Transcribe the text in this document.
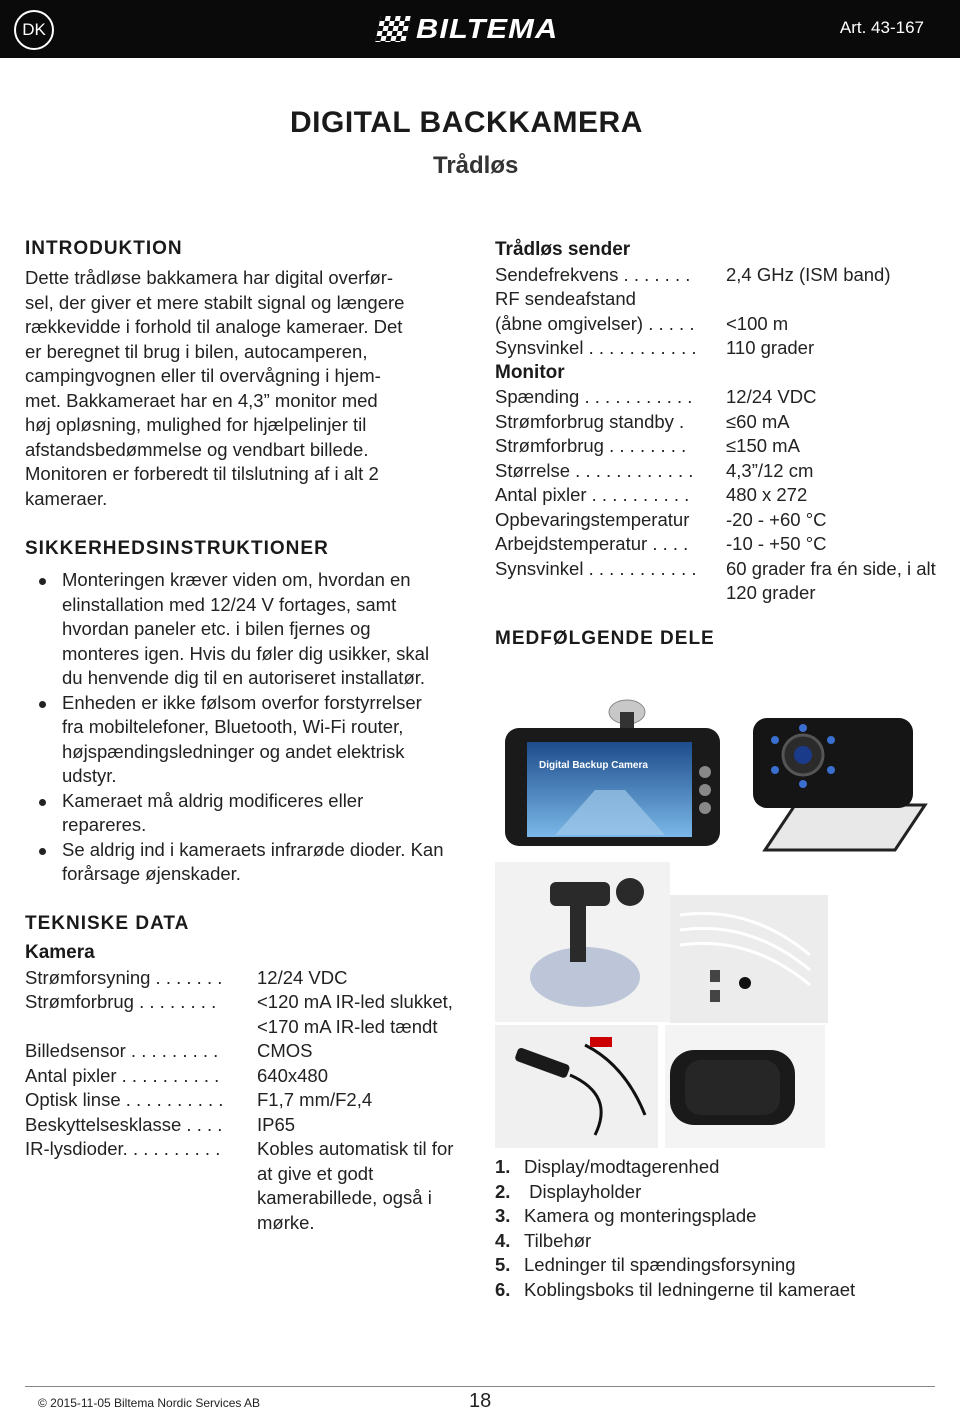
DK	BILTEMA	Art. 43-167
DIGITAL BACKKAMERA
Trådløs
INTRODUKTION

Dette trådløse bakkamera har digital overfør-
sel, der giver et mere stabilt signal og længere
rækkevidde i forhold til analoge kameraer. Det
er beregnet til brug i bilen, autocamperen,
campingvognen eller til overvågning i hjem-
met. Bakkameraet har en 4,3” monitor med
høj opløsning, mulighed for hjælpelinjer til
afstandsbedømmelse og vendbart billede.
Monitoren er forberedt til tilslutning af i alt 2
kameraer.

SIKKERHEDSINSTRUKTIONER
Monteringen kræver viden om, hvordan en elinstallation med 12/24 V fortages, samt hvordan paneler etc. i bilen fjernes og monteres igen. Hvis du føler dig usikker, skal du henvende dig til en autoriseret installatør.
Enheden er ikke følsom overfor forstyrrelser fra mobiltelefoner, Bluetooth, Wi-Fi router, højspændingsledninger og andet elektrisk udstyr.
Kameraet må aldrig modificeres eller repareres.
Se aldrig ind i kameraets infrarøde dioder. Kan forårsage øjenskader.
TEKNISKE DATA
Kamera
Strømforsyning . . . . . . .	12/24 VDC
Strømforbrug . . . . . . . .	<120 mA IR-led slukket, <170 mA IR-led tændt
Billedsensor . . . . . . . . .	CMOS
Antal pixler . . . . . . . . . .	640x480
Optisk linse . . . . . . . . . .	F1,7 mm/F2,4
Beskyttelsesklasse . . . .	IP65
IR-lysdioder. . . . . . . . . .	Kobles automatisk til for at give et godt kamerabillede, også i mørke.
Trådløs sender
Sendefrekvens . . . . . . .	2,4 GHz (ISM band)
RF sendeafstand
(åbne omgivelser) . . . . .	<100 m
Synsvinkel . . . . . . . . . . .	110 grader
Monitor
Spænding . . . . . . . . . . .	12/24 VDC
Strømforbrug standby .	≤60 mA
Strømforbrug . . . . . . . .	≤150 mA
Størrelse . . . . . . . . . . . .	4,3”/12 cm
Antal pixler . . . . . . . . . .	480 x 272
Opbevaringstemperatur	-20 - +60 °C
Arbejdstemperatur . . . .	-10 - +50 °C
Synsvinkel . . . . . . . . . . .	60 grader fra én side, i alt 120 grader
MEDFØLGENDE DELE
Digital Backup Camera
1. Display/modtagerenhed
2. Displayholder
3. Kamera og monteringsplade
4. Tilbehør
5. Ledninger til spændingsforsyning
6. Koblingsboks til ledningerne til kameraet
© 2015-11-05 Biltema Nordic Services AB	18
